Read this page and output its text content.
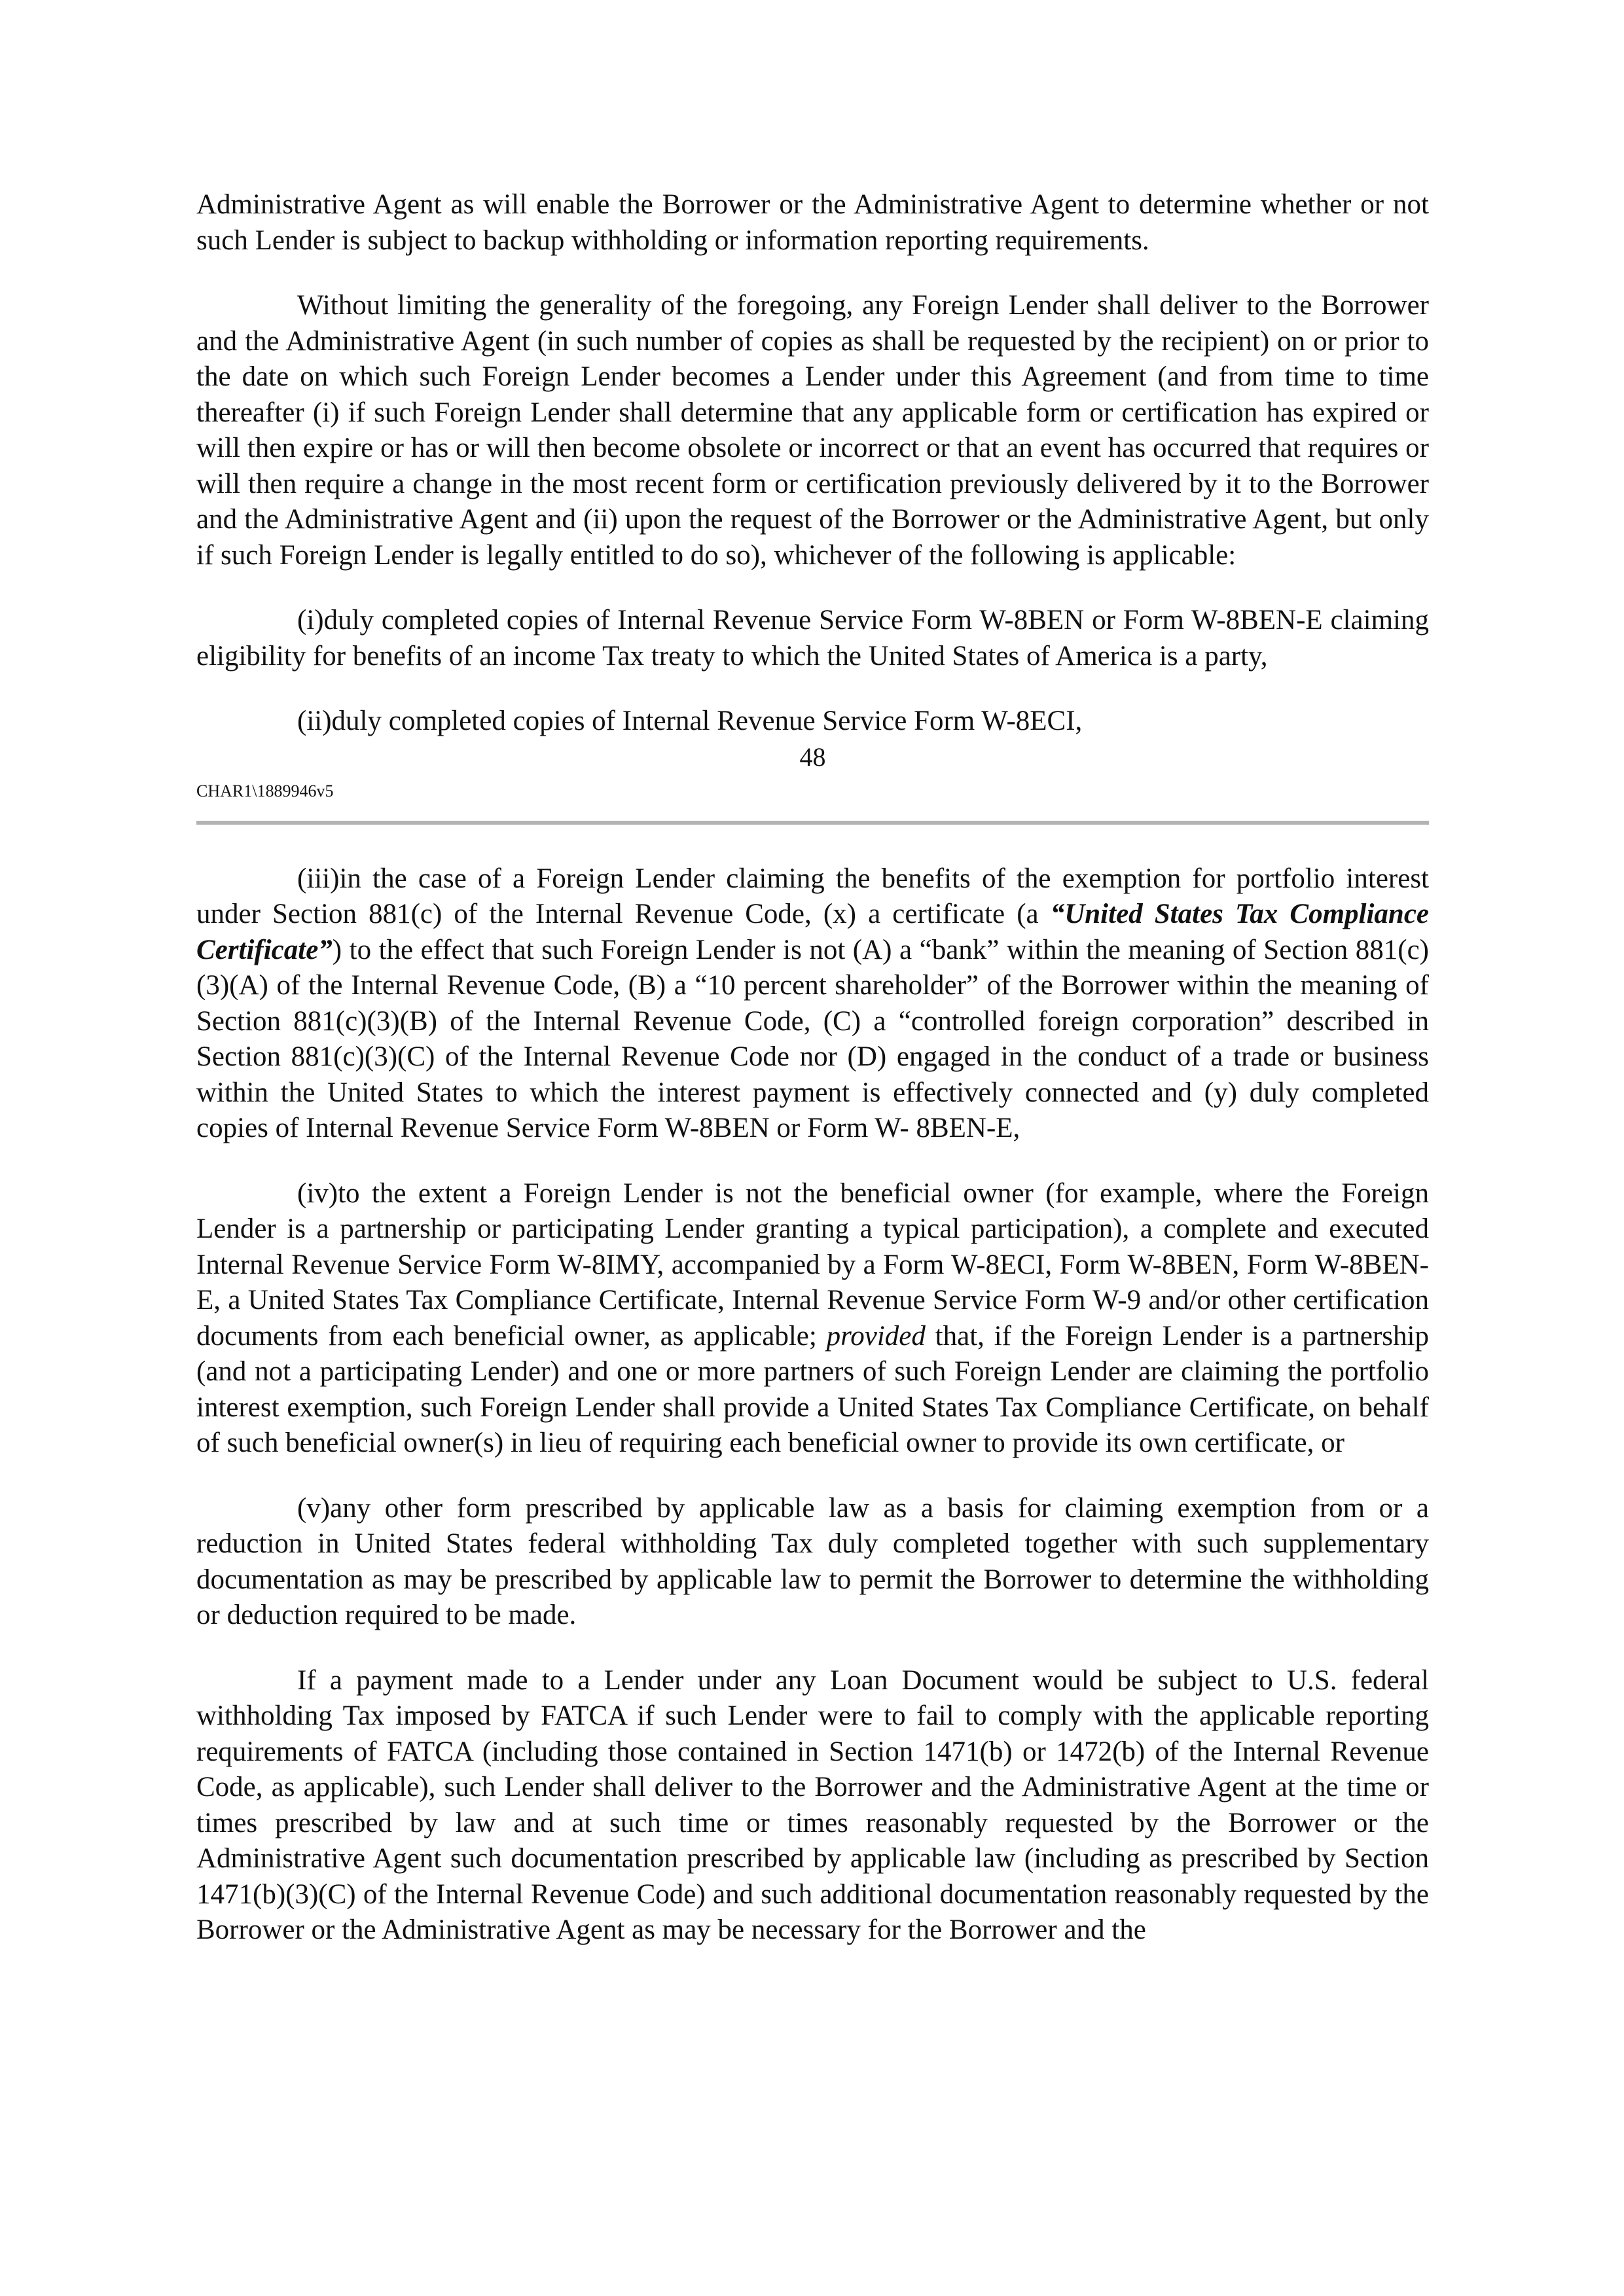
Administrative Agent as will enable the Borrower or the Administrative Agent to determine whether or not such Lender is subject to backup withholding or information reporting requirements.

Without limiting the generality of the foregoing, any Foreign Lender shall deliver to the Borrower and the Administrative Agent (in such number of copies as shall be requested by the recipient) on or prior to the date on which such Foreign Lender becomes a Lender under this Agreement (and from time to time thereafter (i) if such Foreign Lender shall determine that any applicable form or certification has expired or will then expire or has or will then become obsolete or incorrect or that an event has occurred that requires or will then require a change in the most recent form or certification previously delivered by it to the Borrower and the Administrative Agent and (ii) upon the request of the Borrower or the Administrative Agent, but only if such Foreign Lender is legally entitled to do so), whichever of the following is applicable:

(i)duly completed copies of Internal Revenue Service Form W-8BEN or Form W-8BEN-E claiming eligibility for benefits of an income Tax treaty to which the United States of America is a party,

(ii)duly completed copies of Internal Revenue Service Form W-8ECI,

48
CHAR1\1889946v5

(iii)in the case of a Foreign Lender claiming the benefits of the exemption for portfolio interest under Section 881(c) of the Internal Revenue Code, (x) a certificate (a “United States Tax Compliance Certificate”) to the effect that such Foreign Lender is not (A) a “bank” within the meaning of Section 881(c)(3)(A) of the Internal Revenue Code, (B) a “10 percent shareholder” of the Borrower within the meaning of Section 881(c)(3)(B) of the Internal Revenue Code, (C) a “controlled foreign corporation” described in Section 881(c)(3)(C) of the Internal Revenue Code nor (D) engaged in the conduct of a trade or business within the United States to which the interest payment is effectively connected and (y) duly completed copies of Internal Revenue Service Form W-8BEN or Form W- 8BEN-E,

(iv)to the extent a Foreign Lender is not the beneficial owner (for example, where the Foreign Lender is a partnership or participating Lender granting a typical participation), a complete and executed Internal Revenue Service Form W-8IMY, accompanied by a Form W-8ECI, Form W-8BEN, Form W-8BEN-E, a United States Tax Compliance Certificate, Internal Revenue Service Form W-9 and/or other certification documents from each beneficial owner, as applicable; provided that, if the Foreign Lender is a partnership (and not a participating Lender) and one or more partners of such Foreign Lender are claiming the portfolio interest exemption, such Foreign Lender shall provide a United States Tax Compliance Certificate, on behalf of such beneficial owner(s) in lieu of requiring each beneficial owner to provide its own certificate, or

(v)any other form prescribed by applicable law as a basis for claiming exemption from or a reduction in United States federal withholding Tax duly completed together with such supplementary documentation as may be prescribed by applicable law to permit the Borrower to determine the withholding or deduction required to be made.

If a payment made to a Lender under any Loan Document would be subject to U.S. federal withholding Tax imposed by FATCA if such Lender were to fail to comply with the applicable reporting requirements of FATCA (including those contained in Section 1471(b) or 1472(b) of the Internal Revenue Code, as applicable), such Lender shall deliver to the Borrower and the Administrative Agent at the time or times prescribed by law and at such time or times reasonably requested by the Borrower or the Administrative Agent such documentation prescribed by applicable law (including as prescribed by Section 1471(b)(3)(C) of the Internal Revenue Code) and such additional documentation reasonably requested by the Borrower or the Administrative Agent as may be necessary for the Borrower and the
